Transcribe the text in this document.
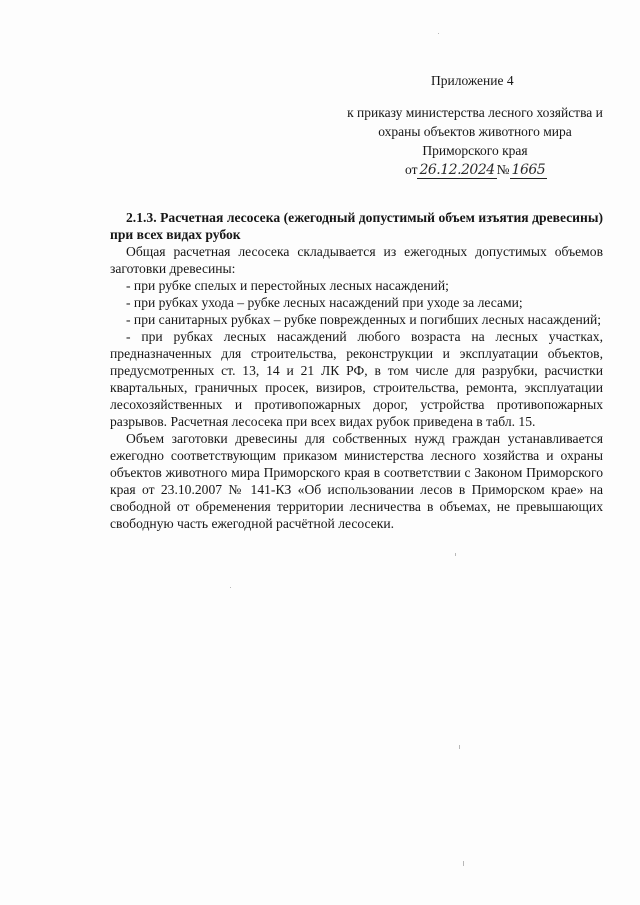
Приложение 4
к приказу министерства лесного хозяйства и
охраны объектов животного мира
Приморского края
от 26.12.2024 № 1665

2.1.3. Расчетная лесосека (ежегодный допустимый объем изъятия древесины) при всех видах рубок

Общая расчетная лесосека складывается из ежегодных допустимых объемов заготовки древесины:

- при рубке спелых и перестойных лесных насаждений;

- при рубках ухода – рубке лесных насаждений при уходе за лесами;

- при санитарных рубках – рубке поврежденных и погибших лесных насаждений;

- при рубках лесных насаждений любого возраста на лесных участках, предназначенных для строительства, реконструкции и эксплуатации объектов, предусмотренных ст. 13, 14 и 21 ЛК РФ, в том числе для разрубки, расчистки квартальных, граничных просек, визиров, строительства, ремонта, эксплуатации лесохозяйственных и противопожарных дорог, устройства противопожарных разрывов. Расчетная лесосека при всех видах рубок приведена в табл. 15.

Объем заготовки древесины для собственных нужд граждан устанавливается ежегодно соответствующим приказом министерства лесного хозяйства и охраны объектов животного мира Приморского края в соответствии с Законом Приморского края от 23.10.2007 № 141-КЗ «Об использовании лесов в Приморском крае» на свободной от обременения территории лесничества в объемах, не превышающих свободную часть ежегодной расчётной лесосеки.
